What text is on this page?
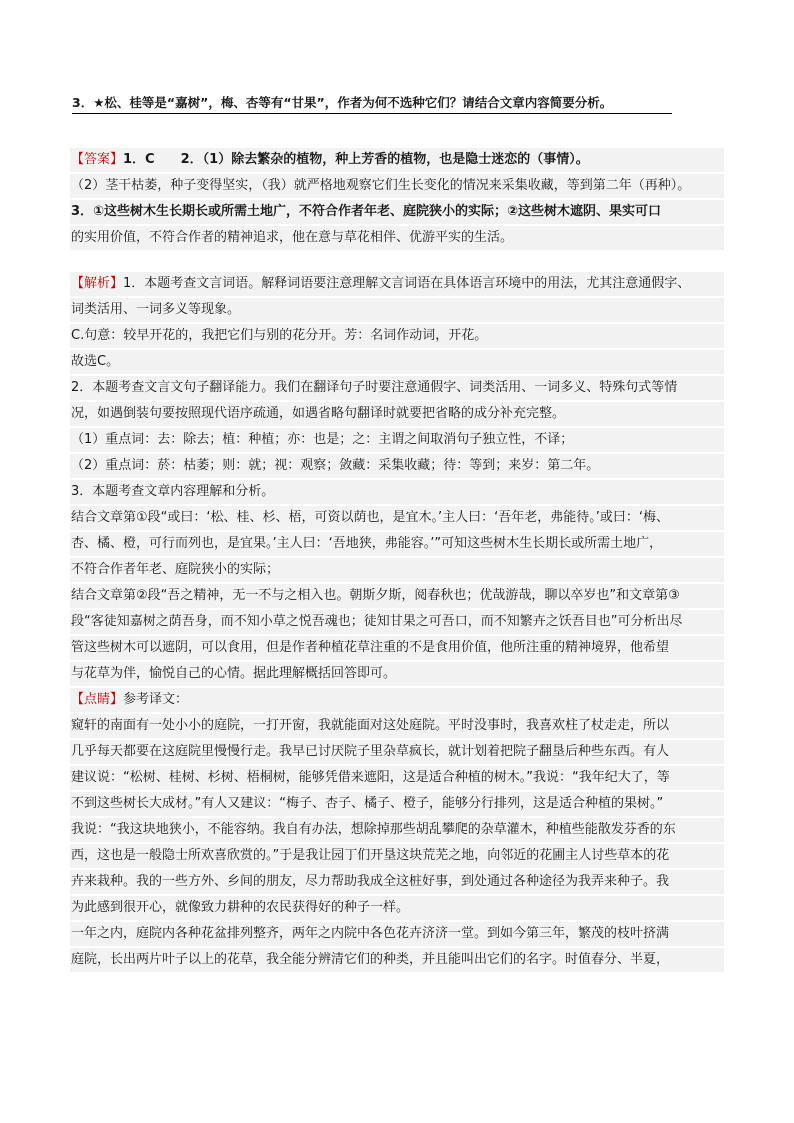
3．★松、桂等是“嘉树”，梅、杏等有“甘果”，作者为何不选种它们？请结合文章内容简要分析。
【答案】1．C　　2．（1）除去繁杂的植物，种上芳香的植物，也是隐士迷恋的（事情）。
（2）茎干枯萎，种子变得坚实，（我）就严格地观察它们生长变化的情况来采集收藏，等到第二年（再种）。
3．①这些树木生长期长或所需土地广，不符合作者年老、庭院狭小的实际；②这些树木遮阴、果实可口
的实用价值，不符合作者的精神追求，他在意与草花相伴、优游平实的生活。
【解析】1．本题考查文言词语。解释词语要注意理解文言词语在具体语言环境中的用法，尤其注意通假字、
词类活用、一词多义等现象。
C.句意：较早开花的，我把它们与别的花分开。芳：名词作动词，开花。
故选C。
2．本题考查文言文句子翻译能力。我们在翻译句子时要注意通假字、词类活用、一词多义、特殊句式等情
况，如遇倒装句要按照现代语序疏通，如遇省略句翻译时就要把省略的成分补充完整。
（1）重点词：去：除去；植：种植；亦：也是；之：主谓之间取消句子独立性，不译；
（2）重点词：菸：枯萎；则：就；视：观察；敛藏：采集收藏；待：等到；来岁：第二年。
3．本题考查文章内容理解和分析。
结合文章第①段“或曰：‘松、桂、杉、梧，可资以荫也，是宜木。’主人曰：‘吾年老，弗能待。’或曰：‘梅、
杏、橘、橙，可行而列也，是宜果。’主人曰：‘吾地狭，弗能容。’”可知这些树木生长期长或所需土地广，
不符合作者年老、庭院狭小的实际；
结合文章第②段“吾之精神，无一不与之相入也。朝斯夕斯，阅春秋也；优哉游哉，聊以卒岁也”和文章第③
段“客徒知嘉树之荫吾身，而不知小草之悦吾魂也；徒知甘果之可吾口，而不知繁卉之饫吾目也”可分析出尽
管这些树木可以遮阴，可以食用，但是作者种植花草注重的不是食用价值，他所注重的精神境界，他希望
与花草为伴，愉悦自己的心情。据此理解概括回答即可。
【点睛】参考译文：
窥轩的南面有一处小小的庭院，一打开窗，我就能面对这处庭院。平时没事时，我喜欢柱了杖走走，所以
几乎每天都要在这庭院里慢慢行走。我早已讨厌院子里杂草疯长，就计划着把院子翻垦后种些东西。有人
建议说：“松树、桂树、杉树、梧桐树，能够凭借来遮阳，这是适合种植的树木。”我说：“我年纪大了，等
不到这些树长大成材。”有人又建议：“梅子、杏子、橘子、橙子，能够分行排列，这是适合种植的果树。”
我说：“我这块地狭小，不能容纳。我自有办法，想除掉那些胡乱攀爬的杂草灌木，种植些能散发芬香的东
西，这也是一般隐士所欢喜欣赏的。”于是我让园丁们开垦这块荒芜之地，向邻近的花圃主人讨些草本的花
卉来栽种。我的一些方外、乡间的朋友，尽力帮助我成全这桩好事，到处通过各种途径为我弄来种子。我
为此感到很开心，就像致力耕种的农民获得好的种子一样。
一年之内，庭院内各种花盆排列整齐，两年之内院中各色花卉济济一堂。到如今第三年，繁茂的枝叶挤满
庭院，长出两片叶子以上的花草，我全能分辨清它们的种类，并且能叫出它们的名字。时值春分、半夏，
